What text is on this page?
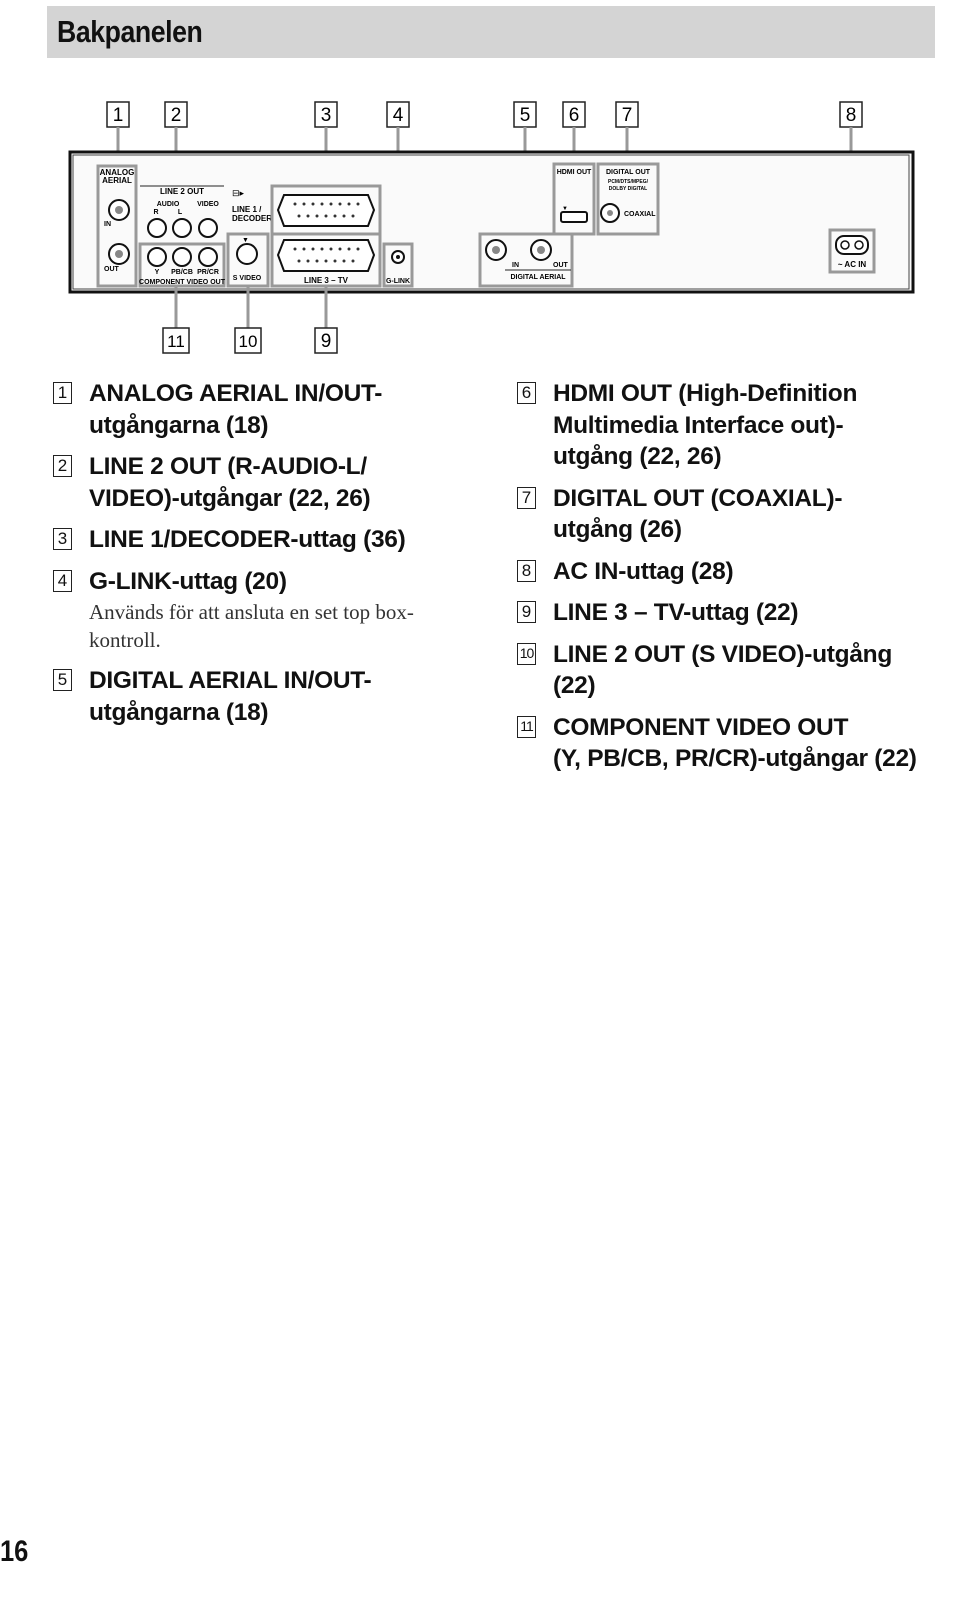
Bakpanelen
1 2	3	4	5 6 7	8
ANALOG
AERIAL
IN
OUT
LINE 2 OUT
AUDIO
R	L
VIDEO
Y PB/CB PR/CR
COMPONENT VIDEO OUT
⊟▸
LINE 1 /
DECODER
▼
S VIDEO	LINE 3 – TV	G-LINK
IN	OUT
DIGITAL AERIAL
HDMI OUT
▼
DIGITAL OUT
PCM/DTS/MPEG/
DOLBY DIGITAL
COAXIAL
~ AC IN
11	10	9
1 ANALOG AERIAL IN/OUT-
utgångarna (18)
2 LINE 2 OUT (R-AUDIO-L/
VIDEO)-utgångar (22, 26)
3 LINE 1/DECODER-uttag (36)
4 G-LINK-uttag (20)
Används för att ansluta en set top box-
kontroll.
5 DIGITAL AERIAL IN/OUT-
utgångarna (18)
6 HDMI OUT (High-Definition
Multimedia Interface out)-
utgång (22, 26)
7 DIGITAL OUT (COAXIAL)-
utgång (26)
8 AC IN-uttag (28)
9 LINE 3 – TV-uttag (22)
10 LINE 2 OUT (S VIDEO)-utgång
(22)
11 COMPONENT VIDEO OUT
(Y, PB/CB, PR/CR)-utgångar (22)
16
